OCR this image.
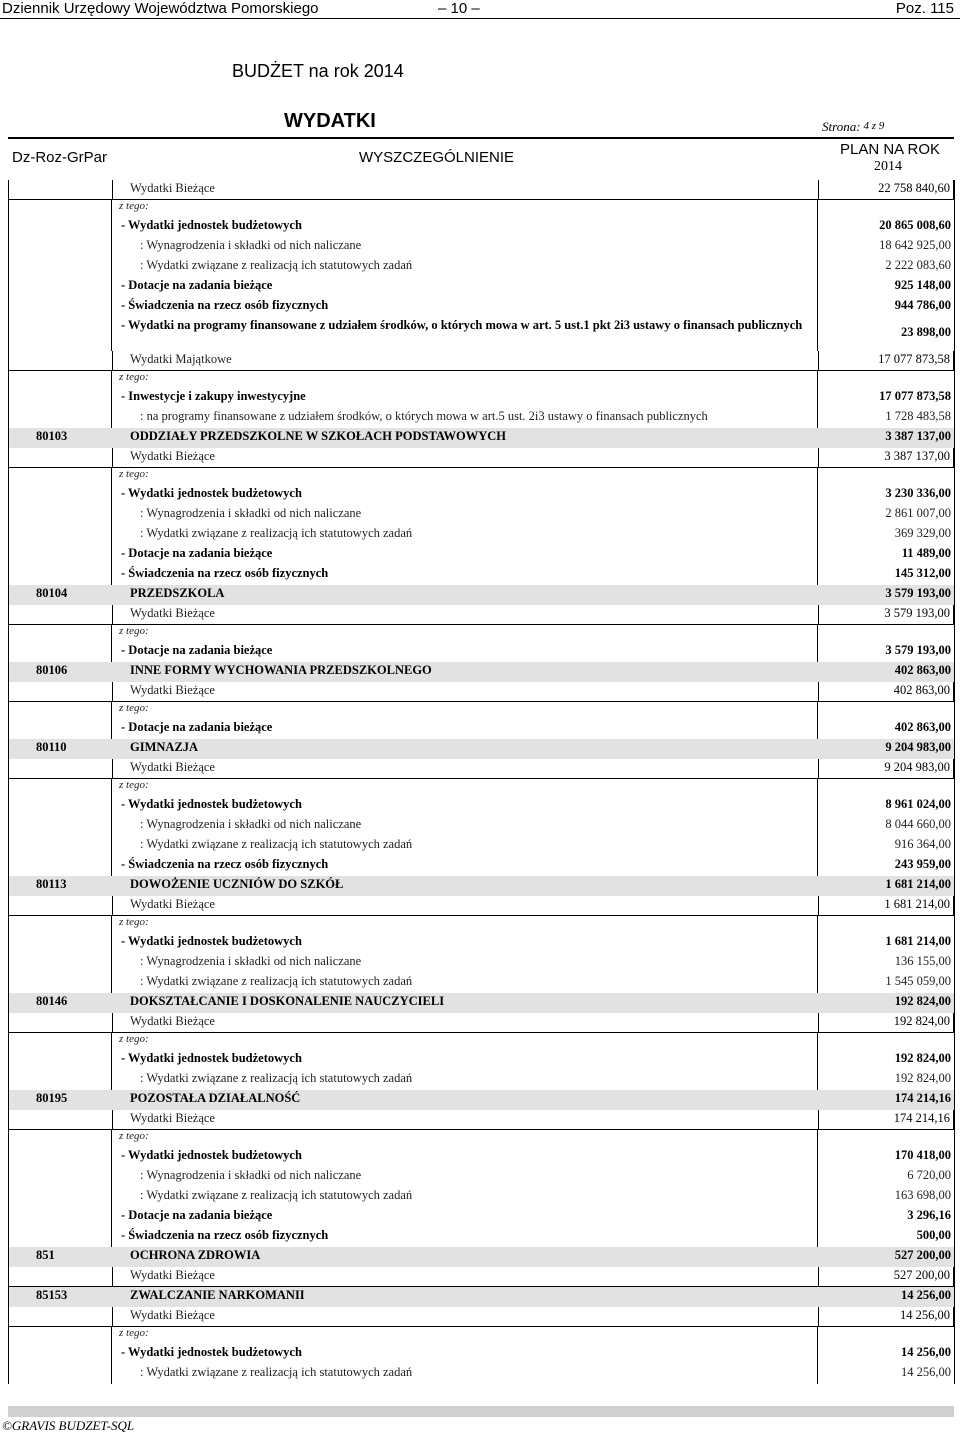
Dziennik Urzędowy Województwa Pomorskiego	– 10 –	Poz. 115
BUDŻET na rok 2014
WYDATKI	Strona: 4 z 9
Dz-Roz-GrPar	WYSZCZEGÓLNIENIE	PLAN NA ROK
2014
Wydatki Bieżące	22 758 840,60
z tego:
- Wydatki jednostek budżetowych	20 865 008,60
: Wynagrodzenia i składki od nich naliczane	18 642 925,00
: Wydatki związane z realizacją ich statutowych zadań	2 222 083,60
- Dotacje na zadania bieżące	925 148,00
- Świadczenia na rzecz osób fizycznych	944 786,00
- Wydatki na programy finansowane z udziałem środków, o których mowa w art. 5 ust.1 pkt 2i3 ustawy o finansach publicznych	23 898,00
Wydatki Majątkowe	17 077 873,58
z tego:
- Inwestycje i zakupy inwestycyjne	17 077 873,58
: na programy finansowane z udziałem środków, o których mowa w art.5 ust. 2i3 ustawy o finansach publicznych	1 728 483,58
80103	ODDZIAŁY PRZEDSZKOLNE W SZKOŁACH PODSTAWOWYCH	3 387 137,00
Wydatki Bieżące	3 387 137,00
z tego:
- Wydatki jednostek budżetowych	3 230 336,00
: Wynagrodzenia i składki od nich naliczane	2 861 007,00
: Wydatki związane z realizacją ich statutowych zadań	369 329,00
- Dotacje na zadania bieżące	11 489,00
- Świadczenia na rzecz osób fizycznych	145 312,00
80104	PRZEDSZKOLA	3 579 193,00
Wydatki Bieżące	3 579 193,00
z tego:
- Dotacje na zadania bieżące	3 579 193,00
80106	INNE FORMY WYCHOWANIA PRZEDSZKOLNEGO	402 863,00
Wydatki Bieżące	402 863,00
z tego:
- Dotacje na zadania bieżące	402 863,00
80110	GIMNAZJA	9 204 983,00
Wydatki Bieżące	9 204 983,00
z tego:
- Wydatki jednostek budżetowych	8 961 024,00
: Wynagrodzenia i składki od nich naliczane	8 044 660,00
: Wydatki związane z realizacją ich statutowych zadań	916 364,00
- Świadczenia na rzecz osób fizycznych	243 959,00
80113	DOWOŻENIE UCZNIÓW DO SZKÓŁ	1 681 214,00
Wydatki Bieżące	1 681 214,00
z tego:
- Wydatki jednostek budżetowych	1 681 214,00
: Wynagrodzenia i składki od nich naliczane	136 155,00
: Wydatki związane z realizacją ich statutowych zadań	1 545 059,00
80146	DOKSZTAŁCANIE I DOSKONALENIE NAUCZYCIELI	192 824,00
Wydatki Bieżące	192 824,00
z tego:
- Wydatki jednostek budżetowych	192 824,00
: Wydatki związane z realizacją ich statutowych zadań	192 824,00
80195	POZOSTAŁA DZIAŁALNOŚĆ	174 214,16
Wydatki Bieżące	174 214,16
z tego:
- Wydatki jednostek budżetowych	170 418,00
: Wynagrodzenia i składki od nich naliczane	6 720,00
: Wydatki związane z realizacją ich statutowych zadań	163 698,00
- Dotacje na zadania bieżące	3 296,16
- Świadczenia na rzecz osób fizycznych	500,00
851	OCHRONA ZDROWIA	527 200,00
Wydatki Bieżące	527 200,00
85153	ZWALCZANIE NARKOMANII	14 256,00
Wydatki Bieżące	14 256,00
z tego:
- Wydatki jednostek budżetowych	14 256,00
: Wydatki związane z realizacją ich statutowych zadań	14 256,00
©GRAVIS BUDZET-SQL
